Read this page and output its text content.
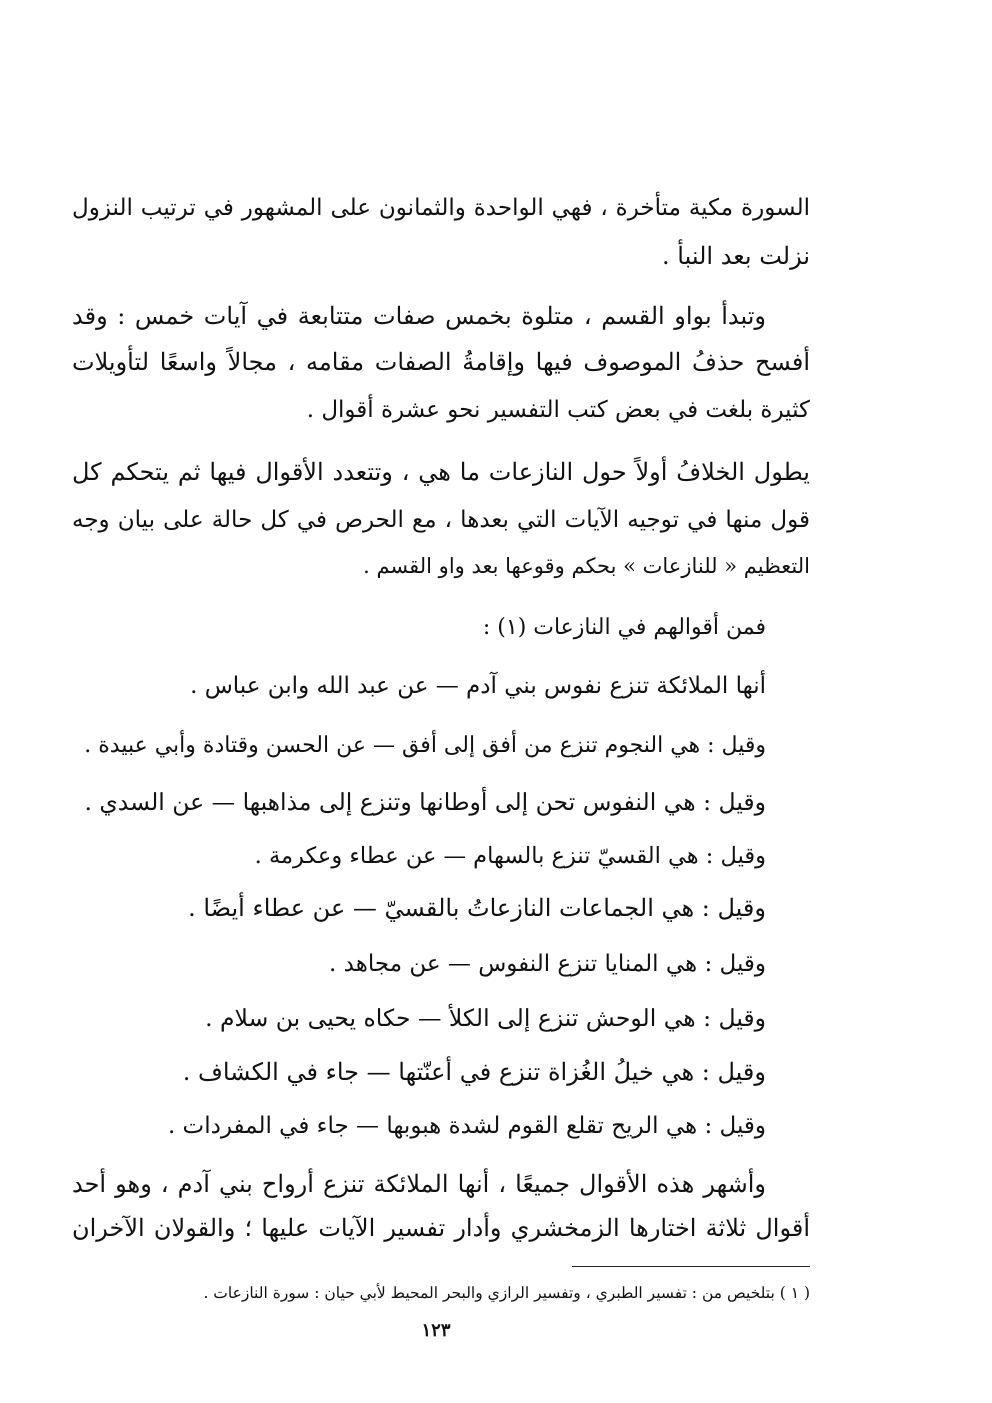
السورة مكية متأخرة ، فهي الواحدة والثمانون على المشهور في ترتيب النزول
نزلت بعد النبأ .
وتبدأ بواو القسم ، متلوة بخمس صفات متتابعة في آيات خمس : وقد
أفسح حذفُ الموصوف فيها وإقامةُ الصفات مقامه ، مجالاً واسعًا لتأويلات
كثيرة بلغت في بعض كتب التفسير نحو عشرة أقوال .
يطول الخلافُ أولاً حول النازعات ما هي ، وتتعدد الأقوال فيها ثم يتحكم كل
قول منها في توجيه الآيات التي بعدها ، مع الحرص في كل حالة على بيان وجه
التعظيم « للنازعات » بحكم وقوعها بعد واو القسم .
فمن أقوالهم في النازعات (١) :
أنها الملائكة تنزع نفوس بني آدم — عن عبد الله وابن عباس .
وقيل : هي النجوم تنزع من أفق إلى أفق — عن الحسن وقتادة وأبي عبيدة .
وقيل : هي النفوس تحن إلى أوطانها وتنزع إلى مذاهبها — عن السدي .
وقيل : هي القسيّ تنزع بالسهام — عن عطاء وعكرمة .
وقيل : هي الجماعات النازعاتُ بالقسيّ — عن عطاء أيضًا .
وقيل : هي المنايا تنزع النفوس — عن مجاهد .
وقيل : هي الوحش تنزع إلى الكلأ — حكاه يحيى بن سلام .
وقيل : هي خيلُ الغُزاة تنزع في أعنّتها — جاء في الكشاف .
وقيل : هي الريح تقلع القوم لشدة هبوبها — جاء في المفردات .
وأشهر هذه الأقوال جميعًا ، أنها الملائكة تنزع أرواح بني آدم ، وهو أحد
أقوال ثلاثة اختارها الزمخشري وأدار تفسير الآيات عليها ؛ والقولان الآخران
( ١ ) بتلخيص من : تفسير الطبري ، وتفسير الرازي والبحر المحيط لأبي حيان : سورة النازعات .
١٢٣
